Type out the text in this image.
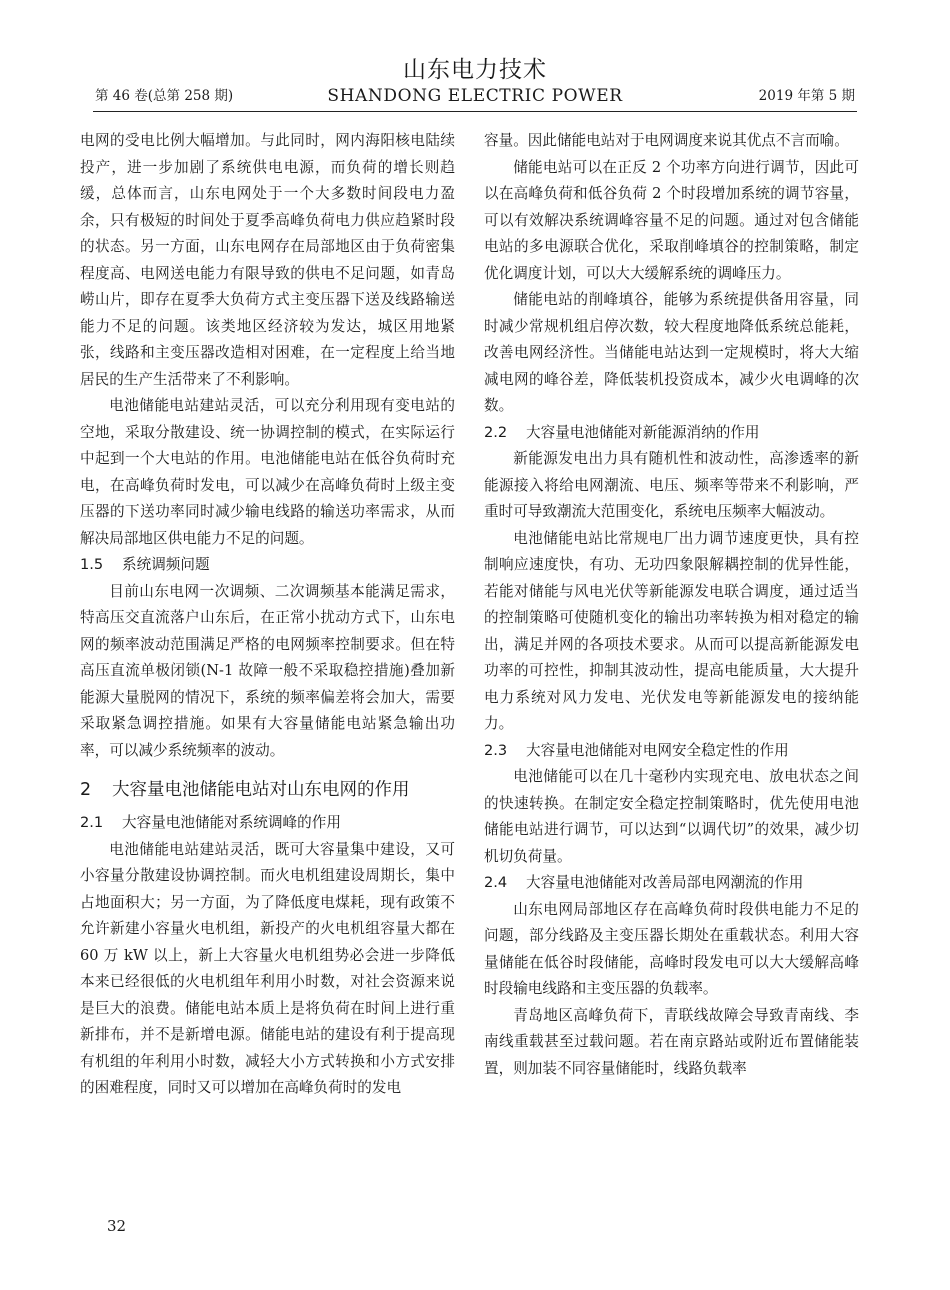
山东电力技术
第 46 卷(总第 258 期)	SHANDONG ELECTRIC POWER	2019 年第 5 期

电网的受电比例大幅增加。与此同时，网内海阳核电陆续投产，进一步加剧了系统供电电源，而负荷的增长则趋缓，总体而言，山东电网处于一个大多数时间段电力盈余，只有极短的时间处于夏季高峰负荷电力供应趋紧时段的状态。另一方面，山东电网存在局部地区由于负荷密集程度高、电网送电能力有限导致的供电不足问题，如青岛崂山片，即存在夏季大负荷方式主变压器下送及线路输送能力不足的问题。该类地区经济较为发达，城区用地紧张，线路和主变压器改造相对困难，在一定程度上给当地居民的生产生活带来了不利影响。

电池储能电站建站灵活，可以充分利用现有变电站的空地，采取分散建设、统一协调控制的模式，在实际运行中起到一个大电站的作用。电池储能电站在低谷负荷时充电，在高峰负荷时发电，可以减少在高峰负荷时上级主变压器的下送功率同时减少输电线路的输送功率需求，从而解决局部地区供电能力不足的问题。

1.5 系统调频问题

目前山东电网一次调频、二次调频基本能满足需求，特高压交直流落户山东后，在正常小扰动方式下，山东电网的频率波动范围满足严格的电网频率控制要求。但在特高压直流单极闭锁(N-1 故障一般不采取稳控措施)叠加新能源大量脱网的情况下，系统的频率偏差将会加大，需要采取紧急调控措施。如果有大容量储能电站紧急输出功率，可以减少系统频率的波动。

2 大容量电池储能电站对山东电网的作用
2.1 大容量电池储能对系统调峰的作用

电池储能电站建站灵活，既可大容量集中建设，又可小容量分散建设协调控制。而火电机组建设周期长，集中占地面积大；另一方面，为了降低度电煤耗，现有政策不允许新建小容量火电机组，新投产的火电机组容量大都在 60 万 kW 以上，新上大容量火电机组势必会进一步降低本来已经很低的火电机组年利用小时数，对社会资源来说是巨大的浪费。储能电站本质上是将负荷在时间上进行重新排布，并不是新增电源。储能电站的建设有利于提高现有机组的年利用小时数，减轻大小方式转换和小方式安排的困难程度，同时又可以增加在高峰负荷时的发电

容量。因此储能电站对于电网调度来说其优点不言而喻。

储能电站可以在正反 2 个功率方向进行调节，因此可以在高峰负荷和低谷负荷 2 个时段增加系统的调节容量，可以有效解决系统调峰容量不足的问题。通过对包含储能电站的多电源联合优化，采取削峰填谷的控制策略，制定优化调度计划，可以大大缓解系统的调峰压力。

储能电站的削峰填谷，能够为系统提供备用容量，同时减少常规机组启停次数，较大程度地降低系统总能耗，改善电网经济性。当储能电站达到一定规模时，将大大缩减电网的峰谷差，降低装机投资成本，减少火电调峰的次数。

2.2 大容量电池储能对新能源消纳的作用

新能源发电出力具有随机性和波动性，高渗透率的新能源接入将给电网潮流、电压、频率等带来不利影响，严重时可导致潮流大范围变化，系统电压频率大幅波动。

电池储能电站比常规电厂出力调节速度更快，具有控制响应速度快，有功、无功四象限解耦控制的优异性能，若能对储能与风电光伏等新能源发电联合调度，通过适当的控制策略可使随机变化的输出功率转换为相对稳定的输出，满足并网的各项技术要求。从而可以提高新能源发电功率的可控性，抑制其波动性，提高电能质量，大大提升电力系统对风力发电、光伏发电等新能源发电的接纳能力。

2.3 大容量电池储能对电网安全稳定性的作用

电池储能可以在几十毫秒内实现充电、放电状态之间的快速转换。在制定安全稳定控制策略时，优先使用电池储能电站进行调节，可以达到“以调代切”的效果，减少切机切负荷量。

2.4 大容量电池储能对改善局部电网潮流的作用

山东电网局部地区存在高峰负荷时段供电能力不足的问题，部分线路及主变压器长期处在重载状态。利用大容量储能在低谷时段储能，高峰时段发电可以大大缓解高峰时段输电线路和主变压器的负载率。

青岛地区高峰负荷下，青联线故障会导致青南线、李南线重载甚至过载问题。若在南京路站或附近布置储能装置，则加装不同容量储能时，线路负载率

32
